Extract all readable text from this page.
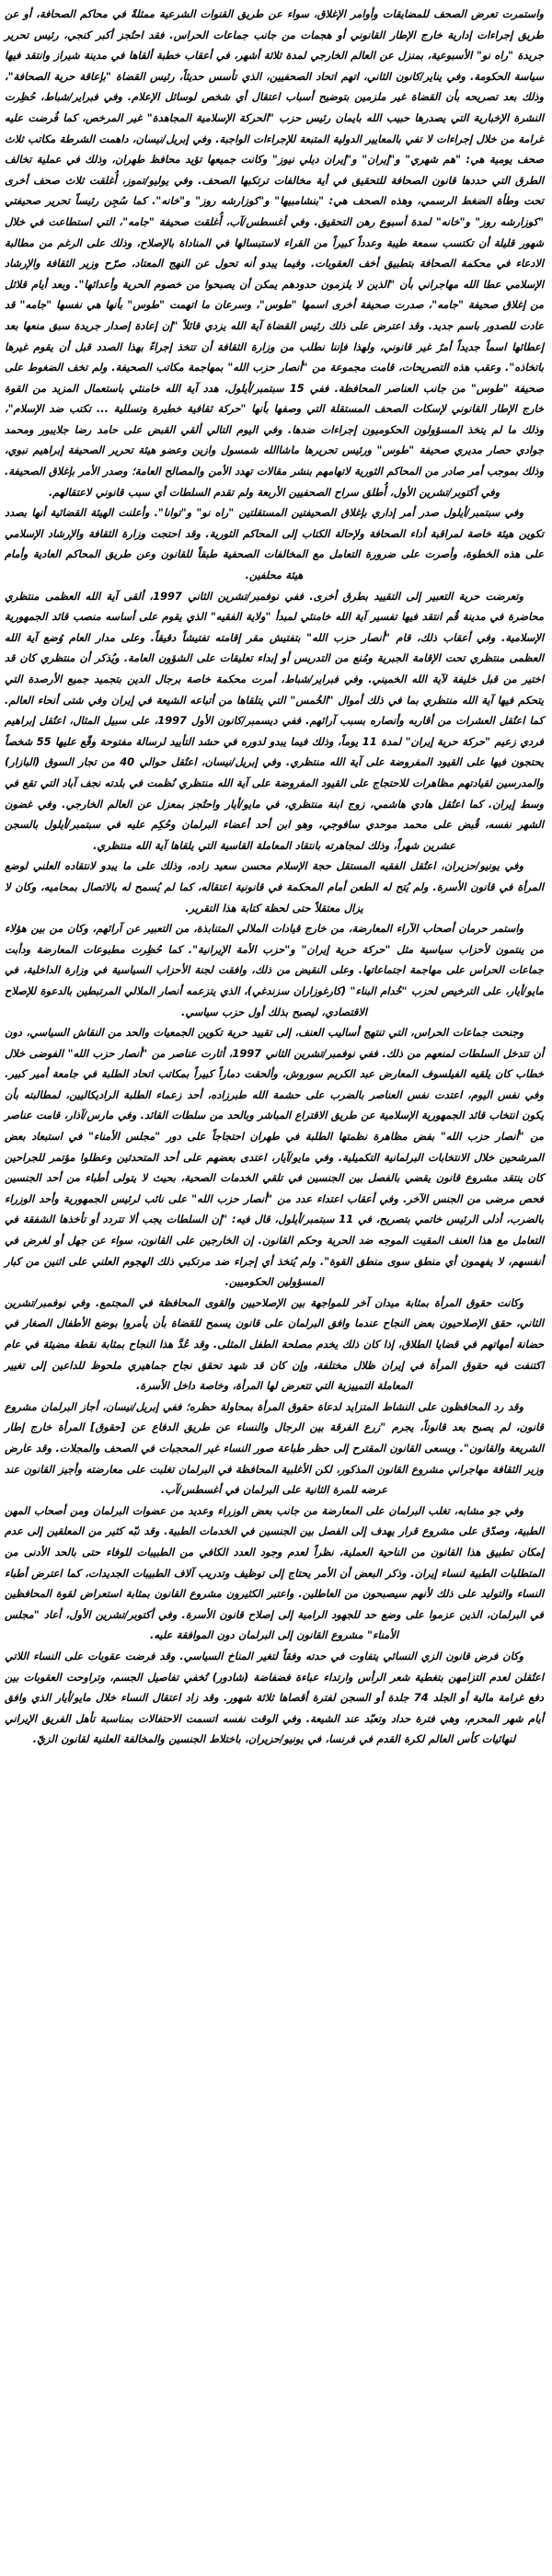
واستمرت تعرض الصحف للمضايقات وأوامر الإغلاق، سواء عن طريق القنوات الشرعية ممثلةً في محاكم الصحافة، أو عن طريق إجراءات إدارية خارج الإطار القانوني أو هجمات من جانب جماعات الحراس. فقد احتُجز أكبر كنجي، رئيس تحرير جريدة "راه نو" الأسبوعية، بمنزل عن العالم الخارجي لمدة ثلاثة أشهر، في أعقاب خطبة ألقاها في مدينة شيراز وانتقد فيها سياسة الحكومة. وفي يناير/كانون الثاني، اتهم اتحاد الصحفيين، الذي تأسس حديثاً، رئيس القضاة "بإعاقة حرية الصحافة"، وذلك بعد تصريحه بأن القضاة غير ملزمين بتوضيح أسباب اعتقال أي شخص لوسائل الإعلام. وفي فبراير/شباط، حُظِرت النشرة الإخبارية التي يصدرها حبيب الله بايمان رئيس حزب "الحركة الإسلامية المجاهدة" غير المرخص، كما فُرضت عليه غرامة من خلال إجراءات لا تفي بالمعايير الدولية المتبعة للإجراءات الواجبة. وفي إبريل/نيسان، داهمت الشرطة مكاتب ثلاث صحف يومية هي: "هم شهري" و"إيران" و"إيران ديلي نيوز" وكانت جميعها تؤيد محافظ طهران، وذلك في عملية تخالف الطرق التي حددها قانون الصحافة للتحقيق في أية مخالفات ترتكبها الصحف. وفي يوليو/تموز، أُغلقت ثلاث صحف أخرى تحت وطأة الضغط الرسمي، وهذه الصحف هي: "بنشامبيها" و"كوزارشه روز" و"خانه". كما سُجِن رئيساً تحرير صحيفتي "كوزارشه روز" و"خانه" لمدة أسبوع رهن التحقيق. وفي أغسطس/آب، أُغلقت صحيفة "جامه"، التي استطاعت في خلال شهور قليلة أن تكتسب سمعة طيبة وعدداً كبيراً من القراء لاستبسالها في المناداة بالإصلاح، وذلك على الرغم من مطالبة الادعاء في محكمة الصحافة بتطبيق أخف العقوبات. وفيما يبدو أنه تحول عن النهج المعتاد، صرّح وزير الثقافة والإرشاد الإسلامي عطا الله مهاجراني بأن "الذين لا يلزمون حدودهم يمكن أن يصبحوا من خصوم الحرية وأعدائها". وبعد أيام قلائل من إغلاق صحيفة "جامه"، صدرت صحيفة أخرى اسمها "طوس"، وسرعان ما اتهمت "طوس" بأنها هي نفسها "جامه" قد عادت للصدور باسم جديد. وقد اعترض على ذلك رئيس القضاة آية الله يزدي قائلاً "إن إعادة إصدار جريدة سبق منعها بعد إعطائها اسماً جديداً أمرٌ غير قانوني، ولهذا فإننا نطلب من وزارة الثقافة أن تتخذ إجراءً بهذا الصدد قبل أن يقوم غيرها باتخاذه". وعقب هذه التصريحات، قامت مجموعة من "أنصار حزب الله" بمهاجمة مكاتب الصحيفة. ولم تخف الضغوط على صحيفة "طوس" من جانب العناصر المحافظة. ففي 15 سبتمبر/أيلول، هدد آية الله خامنئي باستعمال المزيد من القوة خارج الإطار القانوني لإسكات الصحف المستقلة التي وصفها بأنها "حركة ثقافية خطيرة وتسللية ... تكتب ضد الإسلام"، وذلك ما لم يتخذ المسؤولون الحكوميون إجراءات ضدها. وفي اليوم التالي ألقي القبض على حامد رضا جلايبور ومحمد جوادي حصار مديري صحيفة "طوس" ورئيس تحريرها ماشاالله شمسول وازين وعضو هيئة تحرير الصحيفة إبراهيم نبوي، وذلك بموجب أمر صادر من المحاكم الثورية لاتهامهم بنشر مقالات تهدد الأمن والمصالح العامة؛ وصدر الأمر بإغلاق الصحيفة. وفي أكتوبر/تشرين الأول، أُطلق سراح الصحفيين الأربعة ولم تقدم السلطات أي سبب قانوني لاعتقالهم.

وفي سبتمبر/أيلول صدر أمر إداري بإغلاق الصحيفتين المستقلتين "راه نو" و"توانا". وأعلنت الهيئة القضائية أنها بصدد تكوين هيئة خاصة لمراقبة أداء الصحافة ولإحالة الكتاب إلى المحاكم الثورية. وقد احتجت وزارة الثقافة والإرشاد الإسلامي على هذه الخطوة، وأصرت على ضرورة التعامل مع المخالفات الصحفية طبقاً للقانون وعن طريق المحاكم العادية وأمام هيئة محلفين.

وتعرضت حرية التعبير إلى التقييد بطرق أخرى. ففي نوفمبر/تشرين الثاني 1997، ألقى آية الله العظمى منتظري محاضرة في مدينة قُم انتقد فيها تفسير آية الله خامنئي لمبدأ "ولاية الفقيه" الذي يقوم على أساسه منصب قائد الجمهورية الإسلامية. وفي أعقاب ذلك، قام "أنصار حزب الله" بتفتيش مقر إقامته تفتيشاً دقيقاً. وعلى مدار العام وُضع آية الله العظمى منتظري تحت الإقامة الجبرية ومُنع من التدريس أو إبداء تعليقات على الشؤون العامة. ويُذكر أن منتظري كان قد اختير من قبل خليفة لآية الله الخميني. وفي فبراير/شباط، أمرت محكمة خاصة برجال الدين بتجميد جميع الأرصدة التي يتحكم فيها آية الله منتظري بما في ذلك أموال "الخُمس" التي يتلقاها من أتباعه الشيعة في إيران وفي شتى أنحاء العالم. كما اعتُقل العشرات من أقاربه وأنصاره بسبب آرائهم. ففي ديسمبر/كانون الأول 1997، على سبيل المثال، اعتُقل إبراهيم فردي زعيم "حركة حرية إيران" لمدة 11 يوماً، وذلك فيما يبدو لدوره في حشد التأييد لرسالة مفتوحة وقّع عليها 55 شخصاً يحتجون فيها على القيود المفروضة على آية الله منتظري. وفي إبريل/نيسان، اعتُقل حوالي 40 من تجار السوق (البازار) والمدرسين لقيادتهم مظاهرات للاحتجاج على القيود المفروضة على آية الله منتظري نُظمت في بلدته نجف آباد التي تقع في وسط إيران. كما اعتُقل هادي هاشمي، زوج ابنة منتظري، في مايو/أيار واحتُجز بمعزل عن العالم الخارجي. وفي غضون الشهر نفسه، قُبض على محمد موحدي سافوجي، وهو ابن أحد أعضاء البرلمان وحُكِم عليه في سبتمبر/أيلول بالسجن عشرين شهراً، وذلك لمجاهرته بانتقاد المعاملة القاسية التي يلقاها آية الله منتظري.

وفي يونيو/حزيران، اعتُقل الفقيه المستقل حجة الإسلام محسن سعيد زاده، وذلك على ما يبدو لانتقاده العلني لوضع المرأة في قانون الأسرة. ولم يُتح له الطعن أمام المحكمة في قانونية اعتقاله، كما لم يُسمح له بالاتصال بمحاميه، وكان لا يزال معتقلاً حتى لحظة كتابة هذا التقرير.

واستمر حرمان أصحاب الآراء المعارضة، من خارج قيادات الملالي المتنابذة، من التعبير عن آرائهم، وكان من بين هؤلاء من ينتمون لأحزاب سياسية مثل "حركة حرية إيران" و"حزب الأمة الإيرانية". كما حُظِرت مطبوعات المعارضة ودأبت جماعات الحراس على مهاجمة اجتماعاتها. وعلى النقيض من ذلك، وافقت لجنة الأحزاب السياسية في وزارة الداخلية، في مايو/أيار، على الترخيص لحزب "خُدام البناء" (كارغوزاران سزندغي)، الذي يتزعمه أنصار الملالي المرتبطين بالدعوة للإصلاح الاقتصادي، ليصبح بذلك أول حزب سياسي.

وجنحت جماعات الحراس، التي تنتهج أساليب العنف، إلى تقييد حرية تكوين الجمعيات والحد من النقاش السياسي، دون أن تتدخل السلطات لمنعهم من ذلك. ففي نوفمبر/تشرين الثاني 1997، أثارت عناصر من "أنصار حزب الله" الفوضى خلال خطاب كان يلقيه الفيلسوف المعارض عبد الكريم سوروش، وألحقت دماراً كبيراً بمكاتب اتحاد الطلبة في جامعة أمير كبير. وفي نفس اليوم، اعتدت نفس العناصر بالضرب على حشمة الله طبرزاده، أحد زعماء الطلبة الراديكاليين، لمطالبته بأن يكون انتخاب قائد الجمهورية الإسلامية عن طريق الاقتراع المباشر وبالحد من سلطات القائد. وفي مارس/آذار، قامت عناصر من "أنصار حزب الله" بفض مظاهرة نظمتها الطلبة في طهران احتجاجاً على دور "مجلس الأمناء" في استبعاد بعض المرشحين خلال الانتخابات البرلمانية التكميلية. وفي مايو/آيار، اعتدى بعضهم على أحد المتحدثين وعطلوا مؤتمر للجراحين كان ينتقد مشروع قانون يقضي بالفصل بين الجنسين في تلقي الخدمات الصحية، بحيث لا يتولى أطباء من أحد الجنسين فحص مرضى من الجنس الآخر. وفي أعقاب اعتداء عدد من "أنصار حزب الله" على نائب لرئيس الجمهورية وأحد الوزراء بالضرب، أدلى الرئيس خاتمي بتصريح، في 11 سبتمبر/أيلول، قال فيه: "إن السلطات يجب ألا تتردد أو تأخذها الشفقة في التعامل مع هذا العنف المقيت الموجه ضد الحرية وحكم القانون. إن الخارجين على القانون، سواء عن جهل أو لغرض في أنفسهم، لا يفهمون أي منطق سوى منطق القوة". ولم يُتخذ أي إجراء ضد مرتكبي ذلك الهجوم العلني على اثنين من كبار المسؤولين الحكوميين.

وكانت حقوق المرأة بمثابة ميدان آخر للمواجهة بين الإصلاحيين والقوى المحافظة في المجتمع. وفي نوفمبر/تشرين الثاني، حقق الإصلاحيون بعض النجاح عندما وافق البرلمان على قانون يسمح للقضاة بأن يأمروا بوضع الأطفال الصغار في حضانة أمهاتهم في قضايا الطلاق، إذا كان ذلك يخدم مصلحة الطفل المثلى. وقد عُدَّ هذا النجاح بمثابة نقطة مضيئة في عام اكتنفت فيه حقوق المرأة في إيران ظلال مختلفة، وإن كان قد شهد تحقق نجاح جماهيري ملحوظ للداعين إلى تغيير المعاملة التمييزية التي تتعرض لها المرأة، وخاصة داخل الأسرة.

وقد رد المحافظون على النشاط المتزايد لدعاة حقوق المرأة بمحاولة حظره؛ ففي إبريل/نيسان، أجاز البرلمان مشروع قانون، لم يصبح بعد قانوناً، يجرم "زرع الفرقة بين الرجال والنساء عن طريق الدفاع عن [حقوق] المرأة خارج إطار الشريعة والقانون". ويسعى القانون المقترح إلى حظر طباعة صور النساء غير المحجبات في الصحف والمجلات. وقد عارض وزير الثقافة مهاجراني مشروع القانون المذكور، لكن الأغلبية المحافظة في البرلمان تغلبت على معارضته وأجيز القانون عند عرضه للمرة الثانية على البرلمان في أغسطس/آب.

وفي جو مشابه، تغلب البرلمان على المعارضة من جانب بعض الوزراء وعديد من عضوات البرلمان ومن أصحاب المهن الطبية، وصدّق على مشروع قرار يهدف إلى الفصل بين الجنسين في الخدمات الطبية. وقد نبّه كثير من المعلقين إلى عدم إمكان تطبيق هذا القانون من الناحية العملية، نظراً لعدم وجود العدد الكافي من الطبيبات للوفاء حتى بالحد الأدنى من المتطلبات الطبية لنساء إيران. وذكر البعض أن الأمر يحتاج إلى توظيف وتدريب آلاف الطبيبات الجديدات، كما اعترض أطباء النساء والتوليد على ذلك لأنهم سيصبحون من العاطلين. واعتبر الكثيرون مشروع القانون بمثابة استعراض لقوة المحافظين في البرلمان، الذين عزموا على وضع حد للجهود الرامية إلى إصلاح قانون الأسرة. وفي أكتوبر/تشرين الأول، أعاد "مجلس الأمناء" مشروع القانون إلى البرلمان دون الموافقة عليه.

وكان فرض قانون الزي النسائي يتفاوت في حدته وفقاً لتغير المناخ السياسي. وقد فرضت عقوبات على النساء اللاتي اعتُقلن لعدم التزامهن بتغطية شعر الرأس وارتداء عباءة فضفاضة (شادور) تُخفي تفاصيل الجسم، وتراوحت العقوبات بين دفع غرامة مالية أو الجلد 74 جلدة أو السجن لفترة أقصاها ثلاثة شهور. وقد زاد اعتقال النساء خلال مايو/أيار الذي وافق أيام شهر المحرم، وهي فترة حداد وتعبّد عند الشيعة. وفي الوقت نفسه اتسمت الاحتفالات بمناسبة تأهل الفريق الإيراني لنهائيات كأس العالم لكرة القدم في فرنسا، في يونيو/حزيران، باختلاط الجنسين والمخالفة العلنية لقانون الزيّ.
